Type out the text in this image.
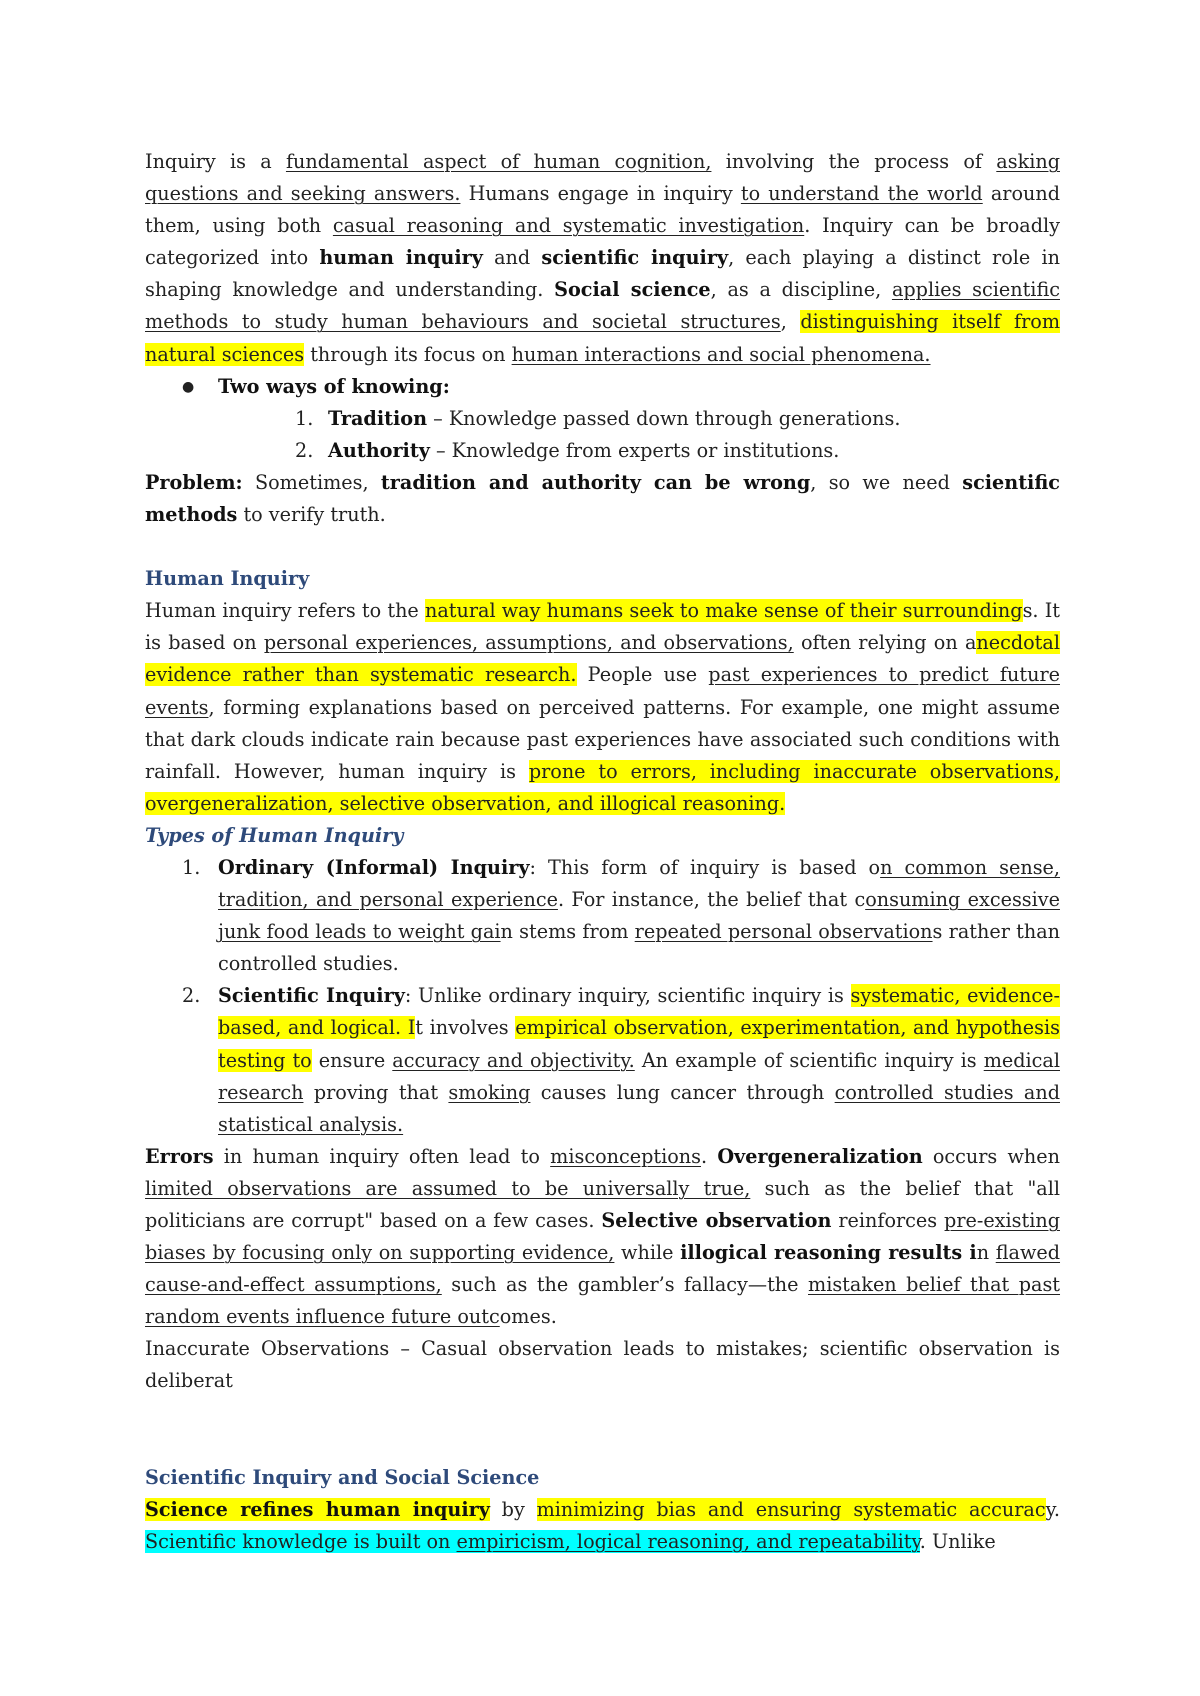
Inquiry is a fundamental aspect of human cognition, involving the process of asking questions and seeking answers. Humans engage in inquiry to understand the world around them, using both casual reasoning and systematic investigation. Inquiry can be broadly categorized into human inquiry and scientific inquiry, each playing a distinct role in shaping knowledge and understanding. Social science, as a discipline, applies scientific methods to study human behaviours and societal structures, distinguishing itself from natural sciences through its focus on human interactions and social phenomena.

● Two ways of knowing:
1. Tradition – Knowledge passed down through generations.
2. Authority – Knowledge from experts or institutions.

Problem: Sometimes, tradition and authority can be wrong, so we need scientific methods to verify truth.

Human Inquiry

Human inquiry refers to the natural way humans seek to make sense of their surroundings. It is based on personal experiences, assumptions, and observations, often relying on anecdotal evidence rather than systematic research. People use past experiences to predict future events, forming explanations based on perceived patterns. For example, one might assume that dark clouds indicate rain because past experiences have associated such conditions with rainfall. However, human inquiry is prone to errors, including inaccurate observations, overgeneralization, selective observation, and illogical reasoning.

Types of Human Inquiry

1. Ordinary (Informal) Inquiry: This form of inquiry is based on common sense, tradition, and personal experience. For instance, the belief that consuming excessive junk food leads to weight gain stems from repeated personal observations rather than controlled studies.
2. Scientific Inquiry: Unlike ordinary inquiry, scientific inquiry is systematic, evidence-based, and logical. It involves empirical observation, experimentation, and hypothesis testing to ensure accuracy and objectivity. An example of scientific inquiry is medical research proving that smoking causes lung cancer through controlled studies and statistical analysis.

Errors in human inquiry often lead to misconceptions. Overgeneralization occurs when limited observations are assumed to be universally true, such as the belief that "all politicians are corrupt" based on a few cases. Selective observation reinforces pre-existing biases by focusing only on supporting evidence, while illogical reasoning results in flawed cause-and-effect assumptions, such as the gambler’s fallacy—the mistaken belief that past random events influence future outcomes.

Inaccurate Observations – Casual observation leads to mistakes; scientific observation is deliberat

Scientific Inquiry and Social Science

Science refines human inquiry by minimizing bias and ensuring systematic accuracy. Scientific knowledge is built on empiricism, logical reasoning, and repeatability. Unlike
